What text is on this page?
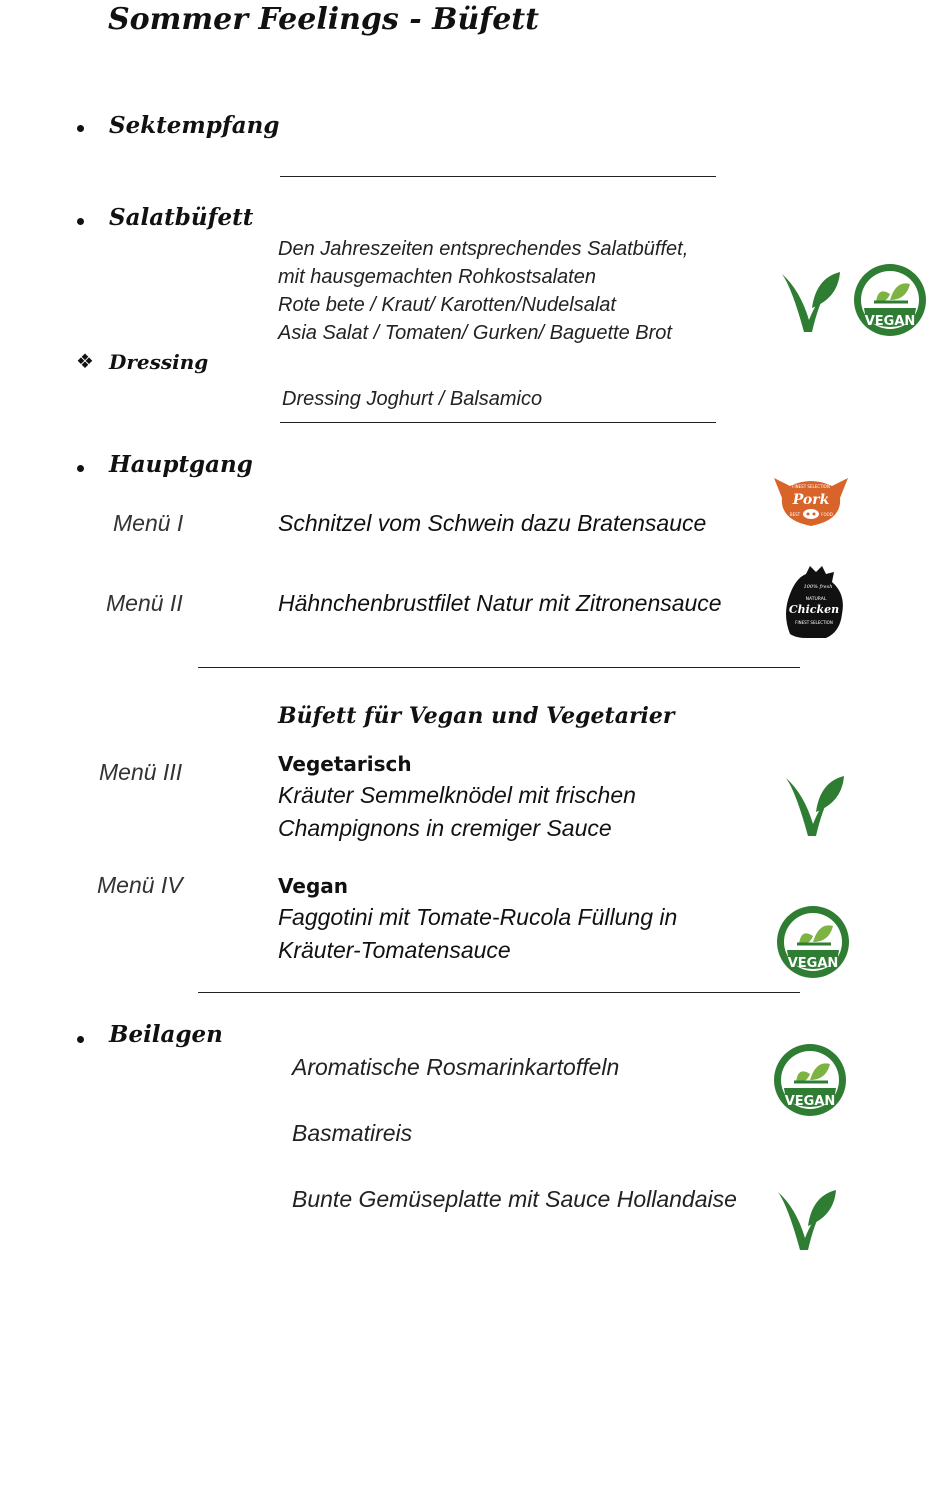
Sommer Feelings - Büfett
Sektempfang
Salatbüfett
Den Jahreszeiten entsprechendes Salatbüffet,
mit hausgemachten Rohkostsalaten
Rote bete / Kraut/ Karotten/Nudelsalat
Asia Salat / Tomaten/ Gurken/ Baguette Brot
VEGAN
❖ Dressing
Dressing Joghurt / Balsamico
Hauptgang
Menü I	Schnitzel vom Schwein dazu Bratensauce
FINEST SELECTION
Pork
BEST	FOOD
Menü II	Hähnchenbrustfilet Natur mit Zitronensauce
100% fresh
NATURAL
Chicken
FINEST SELECTION
Büfett für Vegan und Vegetarier
Menü III	Vegetarisch
Kräuter Semmelknödel mit frischen
Champignons in cremiger Sauce
Menü IV	Vegan
Faggotini mit Tomate-Rucola Füllung in
Kräuter-Tomatensauce
VEGAN
Beilagen
Aromatische Rosmarinkartoffeln
Basmatireis
Bunte Gemüseplatte mit Sauce Hollandaise
VEGAN
